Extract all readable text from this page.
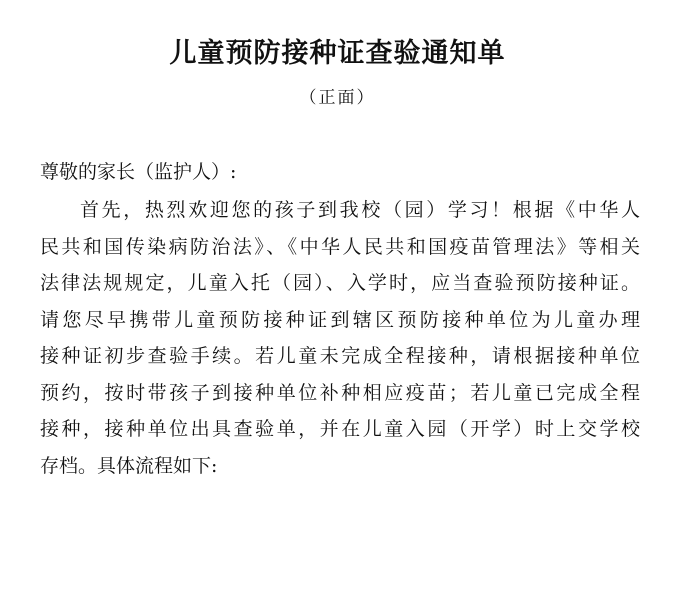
儿童预防接种证查验通知单
（正面）

尊敬的家长（监护人）:

首先，热烈欢迎您的孩子到我校（园）学习！根据《中华人
民共和国传染病防治法》、《中华人民共和国疫苗管理法》等相关
法律法规规定，儿童入托（园）、入学时，应当查验预防接种证。
请您尽早携带儿童预防接种证到辖区预防接种单位为儿童办理
接种证初步查验手续。若儿童未完成全程接种，请根据接种单位
预约，按时带孩子到接种单位补种相应疫苗；若儿童已完成全程
接种，接种单位出具查验单，并在儿童入园（开学）时上交学校
存档。具体流程如下:
